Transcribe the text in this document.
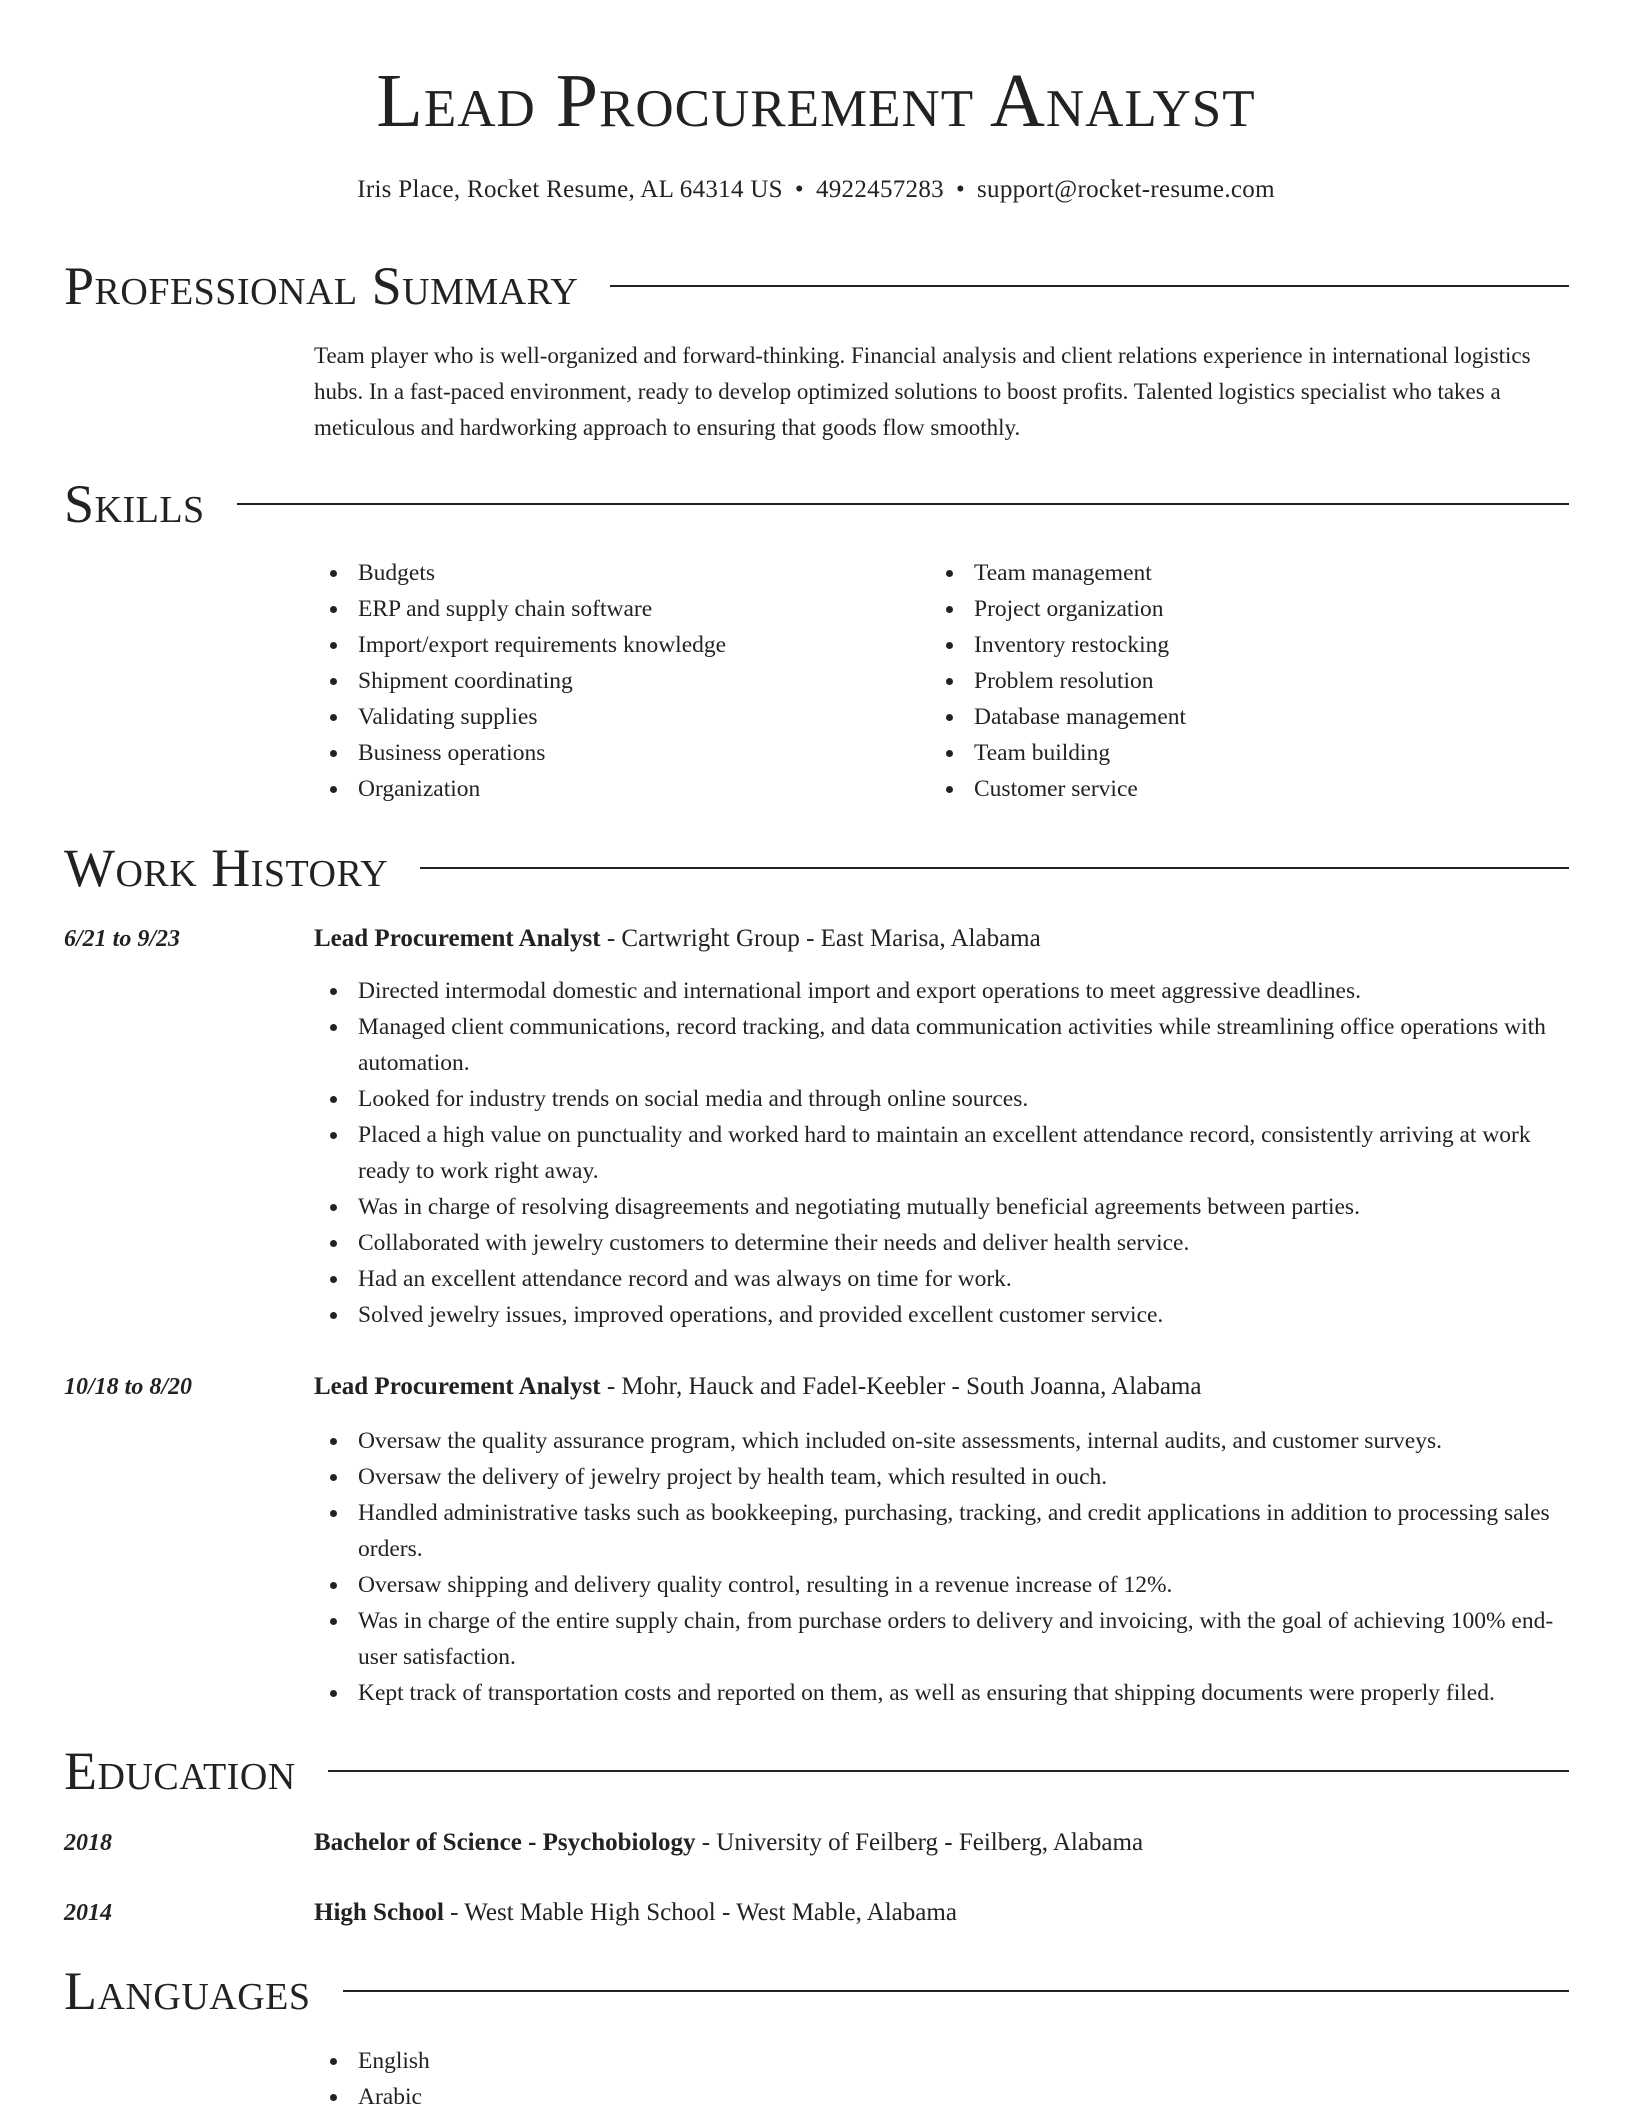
Lead Procurement Analyst
Iris Place, Rocket Resume, AL 64314 US • 4922457283 • support@rocket-resume.com
Professional Summary

Team player who is well-organized and forward-thinking. Financial analysis and client relations experience in international logistics hubs. In a fast-paced environment, ready to develop optimized solutions to boost profits. Talented logistics specialist who takes a meticulous and hardworking approach to ensuring that goods flow smoothly.

Skills
Budgets
ERP and supply chain software
Import/export requirements knowledge
Shipment coordinating
Validating supplies
Business operations
Organization
Team management
Project organization
Inventory restocking
Problem resolution
Database management
Team building
Customer service
Work History
6/21 to 9/23	Lead Procurement Analyst - Cartwright Group - East Marisa, Alabama
Directed intermodal domestic and international import and export operations to meet aggressive deadlines.
Managed client communications, record tracking, and data communication activities while streamlining office operations with automation.
Looked for industry trends on social media and through online sources.
Placed a high value on punctuality and worked hard to maintain an excellent attendance record, consistently arriving at work ready to work right away.
Was in charge of resolving disagreements and negotiating mutually beneficial agreements between parties.
Collaborated with jewelry customers to determine their needs and deliver health service.
Had an excellent attendance record and was always on time for work.
Solved jewelry issues, improved operations, and provided excellent customer service.
10/18 to 8/20	Lead Procurement Analyst - Mohr, Hauck and Fadel-Keebler - South Joanna, Alabama
Oversaw the quality assurance program, which included on-site assessments, internal audits, and customer surveys.
Oversaw the delivery of jewelry project by health team, which resulted in ouch.
Handled administrative tasks such as bookkeeping, purchasing, tracking, and credit applications in addition to processing sales orders.
Oversaw shipping and delivery quality control, resulting in a revenue increase of 12%.
Was in charge of the entire supply chain, from purchase orders to delivery and invoicing, with the goal of achieving 100% end-user satisfaction.
Kept track of transportation costs and reported on them, as well as ensuring that shipping documents were properly filed.
Education
2018	Bachelor of Science - Psychobiology - University of Feilberg - Feilberg, Alabama
2014	High School - West Mable High School - West Mable, Alabama
Languages
English
Arabic
